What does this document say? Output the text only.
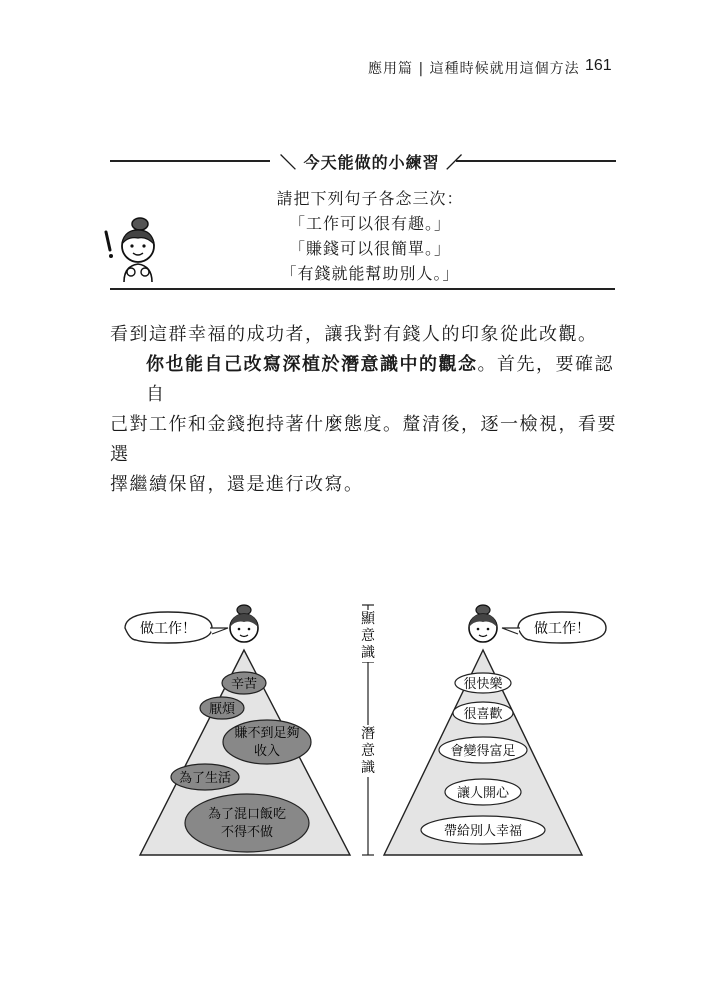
應用篇 | 這種時候就用這個方法 161
＼ 今天能做的小練習 ／
請把下列句子各念三次：
「工作可以很有趣。」
「賺錢可以很簡單。」
「有錢就能幫助別人。」

看到這群幸福的成功者，讓我對有錢人的印象從此改觀。

你也能自己改寫深植於潛意識中的觀念。首先，要確認自

己對工作和金錢抱持著什麼態度。釐清後，逐一檢視，看要選

擇繼續保留，還是進行改寫。

做工作！
辛苦
厭煩
賺不到足夠
收入
為了生活
為了混口飯吃
不得不做
顯
意
識
潛
意
識
做工作！
很快樂
很喜歡
會變得富足
讓人開心
帶給別人幸福
